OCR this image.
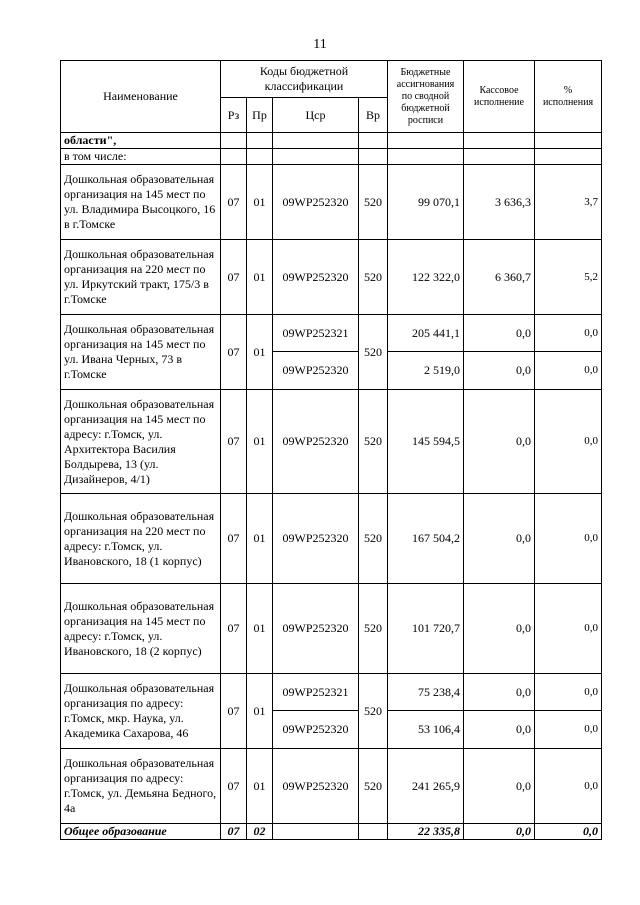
11
Наименование	Коды бюджетной классификации				Бюджетные ассигнования по сводной бюджетной росписи	Кассовое исполнение	% исполнения
	Рз	Пр	Цср	Вр			
области",							
в том числе:							
Дошкольная образовательная организация на 145 мест по ул. Владимира Высоцкого, 16 в г.Томске	07	01	09WP252320	520	99 070,1	3 636,3	3,7
Дошкольная образовательная организация на 220 мест по ул. Иркутский тракт, 175/3 в г.Томске	07	01	09WP252320	520	122 322,0	6 360,7	5,2
Дошкольная образовательная организация на 145 мест по ул. Ивана Черных, 73 в г.Томске	07	01	09WP252321	520	205 441,1	0,0	0,0
			09WP252320		2 519,0	0,0	0,0
Дошкольная образовательная организация на 145 мест по адресу: г.Томск, ул. Архитектора Василия Болдырева, 13 (ул. Дизайнеров, 4/1)	07	01	09WP252320	520	145 594,5	0,0	0,0
Дошкольная образовательная организация на 220 мест по адресу: г.Томск, ул. Ивановского, 18 (1 корпус)	07	01	09WP252320	520	167 504,2	0,0	0,0
Дошкольная образовательная организация на 145 мест по адресу: г.Томск, ул. Ивановского, 18 (2 корпус)	07	01	09WP252320	520	101 720,7	0,0	0,0
Дошкольная образовательная организация по адресу: г.Томск, мкр. Наука, ул. Академика Сахарова, 46	07	01	09WP252321	520	75 238,4	0,0	0,0
			09WP252320		53 106,4	0,0	0,0
Дошкольная образовательная организация по адресу: г.Томск, ул. Демьяна Бедного, 4а	07	01	09WP252320	520	241 265,9	0,0	0,0
Общее образование	07	02			22 335,8	0,0	0,0
